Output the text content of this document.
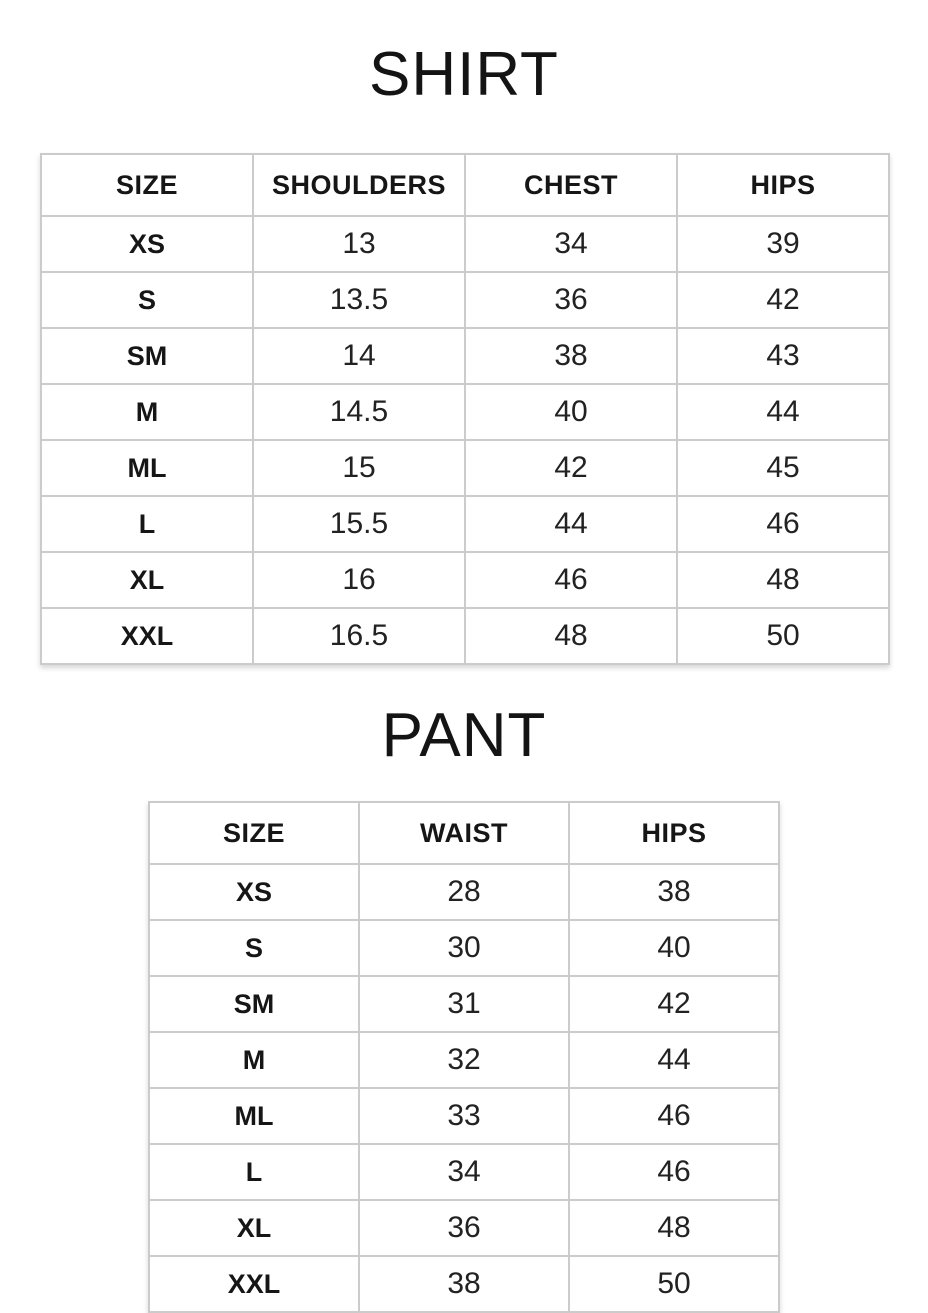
SHIRT
SIZE	SHOULDERS	CHEST	HIPS
XS	13	34	39
S	13.5	36	42
SM	14	38	43
M	14.5	40	44
ML	15	42	45
L	15.5	44	46
XL	16	46	48
XXL	16.5	48	50
PANT
SIZE	WAIST	HIPS
XS	28	38
S	30	40
SM	31	42
M	32	44
ML	33	46
L	34	46
XL	36	48
XXL	38	50
